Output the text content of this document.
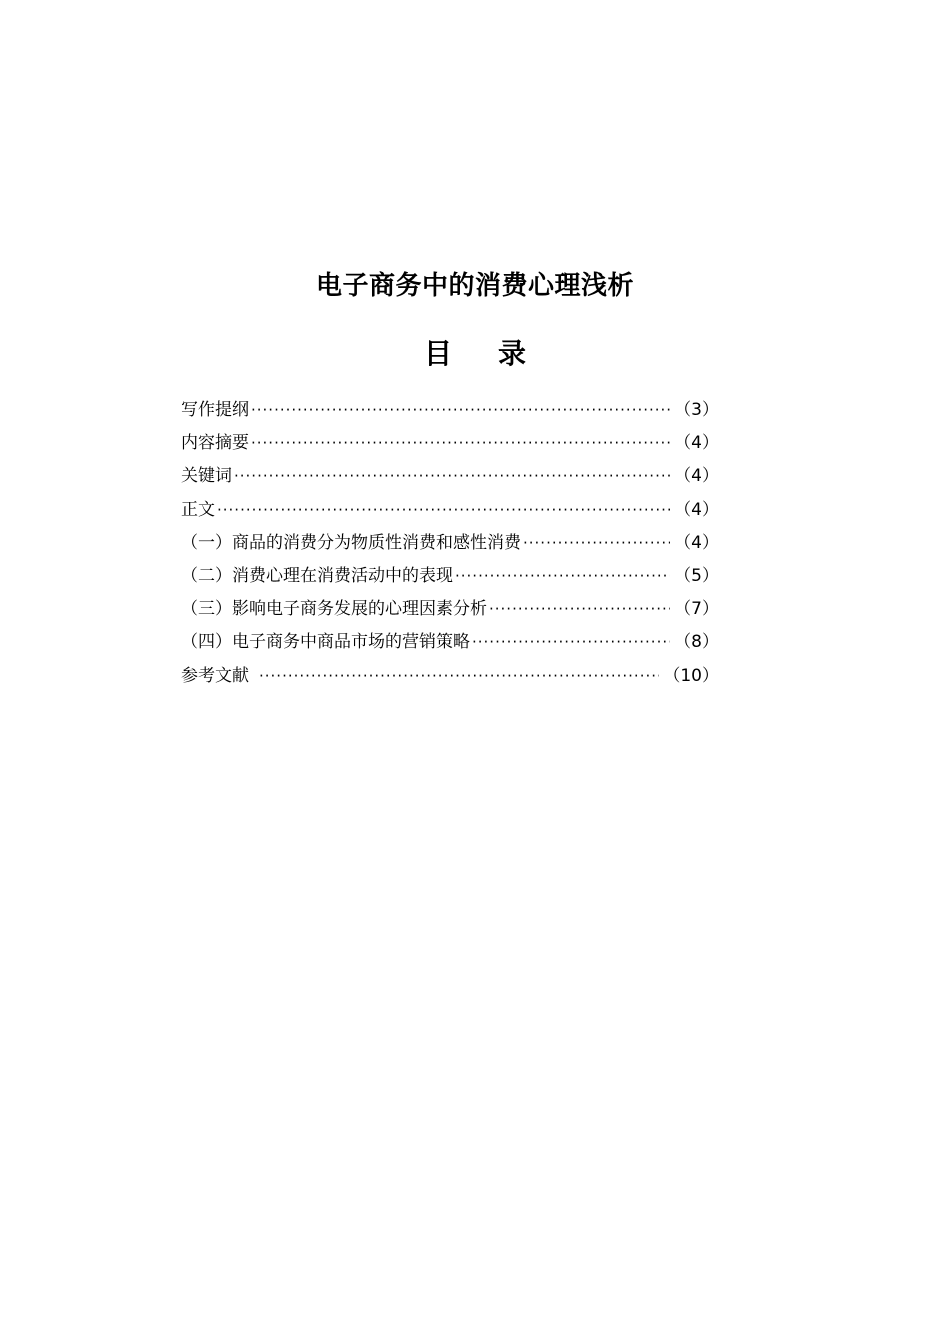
电子商务中的消费心理浅析
目 录
写作提纲 ·····	（3）
内容摘要 ·····	（4）
关键词 ·····	（4）
正文 ·····	（4）
（一）商品的消费分为物质性消费和感性消费 ·····	（4）
（二）消费心理在消费活动中的表现 ·····	（5）
（三）影响电子商务发展的心理因素分析 ·····	（7）
（四）电子商务中商品市场的营销策略 ·····	（8）
参考文献 ·····	（10）
